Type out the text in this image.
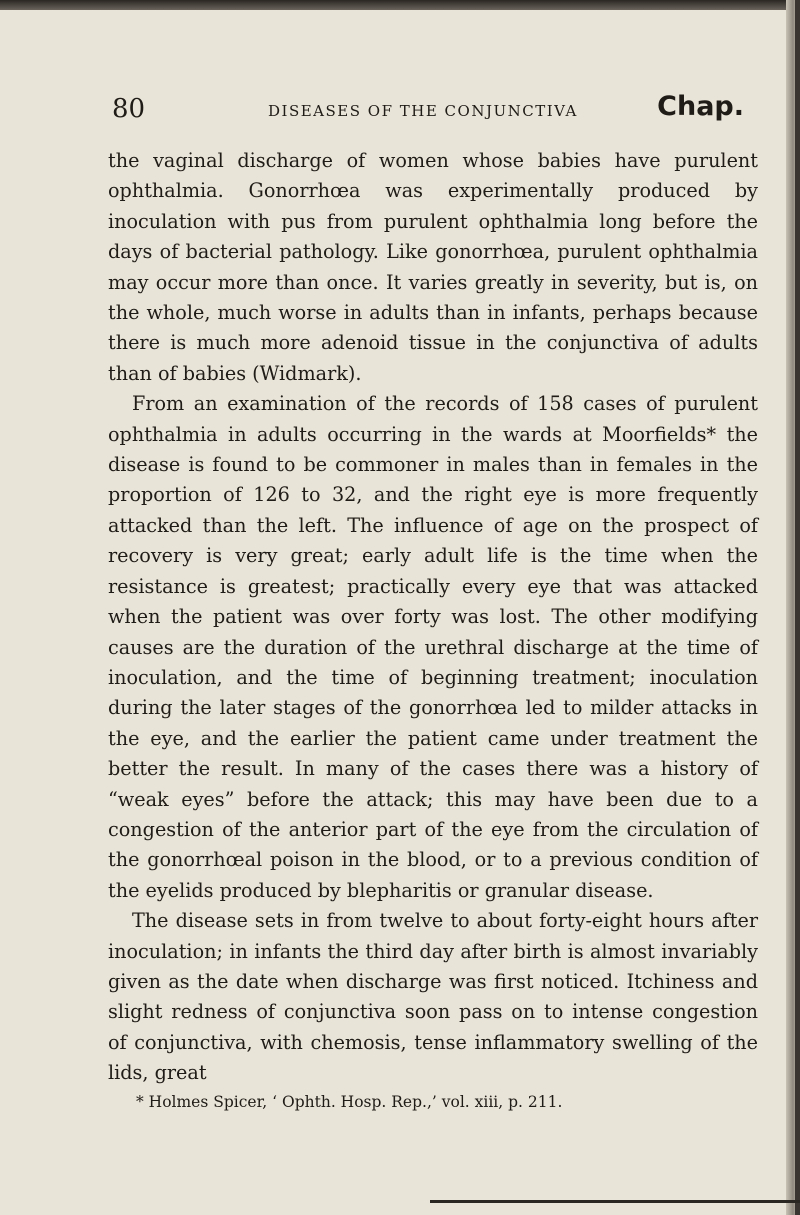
80	DISEASES OF THE CONJUNCTIVA	Chap.

the vaginal discharge of women whose babies have purulent ophthalmia. Gonorrhœa was experimentally produced by inoculation with pus from purulent ophthalmia long before the days of bacterial pathology. Like gonorrhœa, purulent ophthalmia may occur more than once. It varies greatly in severity, but is, on the whole, much worse in adults than in infants, perhaps because there is much more adenoid tissue in the conjunctiva of adults than of babies (Widmark).

From an examination of the records of 158 cases of purulent ophthalmia in adults occurring in the wards at Moorfields* the disease is found to be commoner in males than in females in the proportion of 126 to 32, and the right eye is more frequently attacked than the left. The influence of age on the prospect of recovery is very great; early adult life is the time when the resistance is greatest; practically every eye that was attacked when the patient was over forty was lost. The other modifying causes are the duration of the urethral discharge at the time of inoculation, and the time of beginning treatment; inoculation during the later stages of the gonorrhœa led to milder attacks in the eye, and the earlier the patient came under treatment the better the result. In many of the cases there was a history of “weak eyes” before the attack; this may have been due to a congestion of the anterior part of the eye from the circulation of the gonorrhœal poison in the blood, or to a previous condition of the eyelids produced by blepharitis or granular disease.

The disease sets in from twelve to about forty-eight hours after inoculation; in infants the third day after birth is almost invariably given as the date when discharge was first noticed. Itchiness and slight redness of conjunctiva soon pass on to intense congestion of conjunctiva, with chemosis, tense inflammatory swelling of the lids, great

* Holmes Spicer, ‘ Ophth. Hosp. Rep.,’ vol. xiii, p. 211.
